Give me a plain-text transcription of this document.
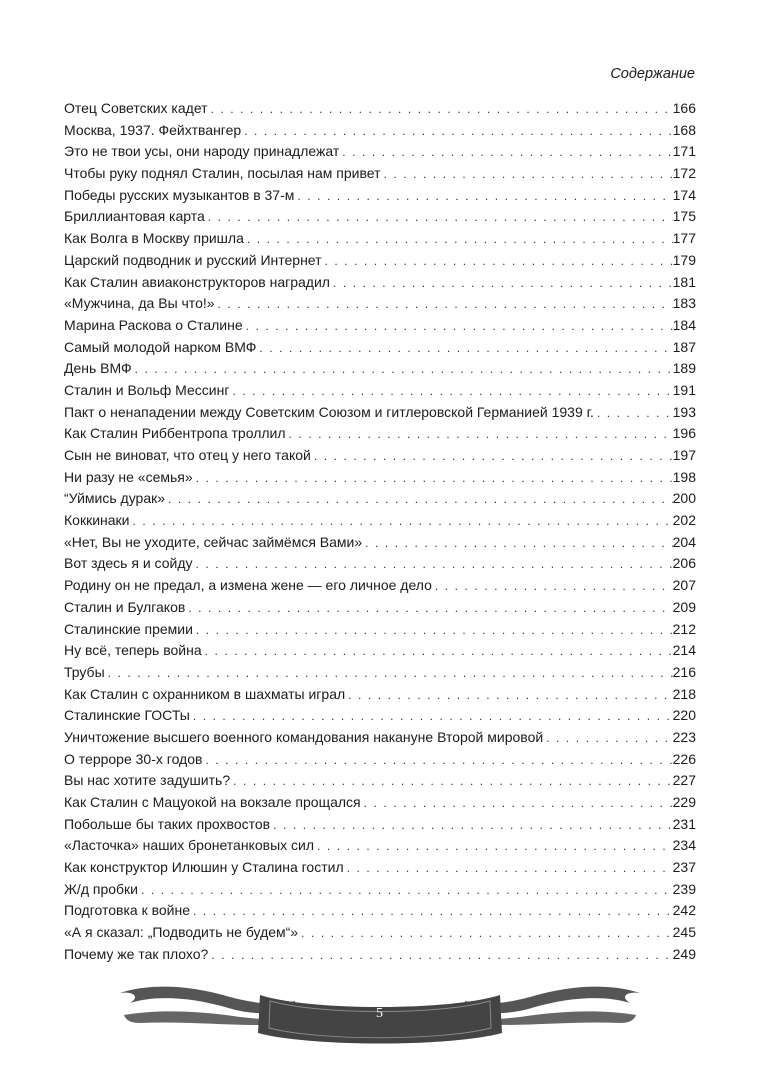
Содержание
Отец Советских кадет . . .	166
Москва, 1937. Фейхтвангер . . .	168
Это не твои усы, они народу принадлежат . . .	171
Чтобы руку поднял Сталин, посылая нам привет . . .	172
Победы русских музыкантов в 37-м . . .	174
Бриллиантовая карта . . .	175
Как Волга в Москву пришла . . .	177
Царский подводник и русский Интернет . . .	179
Как Сталин авиаконструкторов наградил . . .	181
«Мужчина, да Вы что!» . . .	183
Марина Раскова о Сталине . . .	184
Самый молодой нарком ВМФ . . .	187
День ВМФ . . .	189
Сталин и Вольф Мессинг . . .	191
Пакт о ненападении между Советским Союзом и гитлеровской Германией 1939 г. . . .	193
Как Сталин Риббентропа троллил . . .	196
Сын не виноват, что отец у него такой . . .	197
Ни разу не «семья» . . .	198
“Уймись дурак» . . .	200
Коккинаки . . .	202
«Нет, Вы не уходите, сейчас займёмся Вами» . . .	204
Вот здесь я и сойду . . .	206
Родину он не предал, а измена жене — его личное дело . . .	207
Сталин и Булгаков . . .	209
Сталинские премии . . .	212
Ну всё, теперь война . . .	214
Трубы . . .	216
Как Сталин с охранником в шахматы играл . . .	218
Сталинские ГОСТы . . .	220
Уничтожение высшего военного командования накануне Второй мировой . . .	223
О терроре 30-х годов . . .	226
Вы нас хотите задушить? . . .	227
Как Сталин с Мацуокой на вокзале прощался . . .	229
Побольше бы таких прохвостов . . .	231
«Ласточка» наших бронетанковых сил . . .	234
Как конструктор Илюшин у Сталина гостил . . .	237
Ж/д пробки . . .	239
Подготовка к войне . . .	242
«А я сказал: „Подводить не будем“» . . .	245
Почему же так плохо? . . .	249
5
